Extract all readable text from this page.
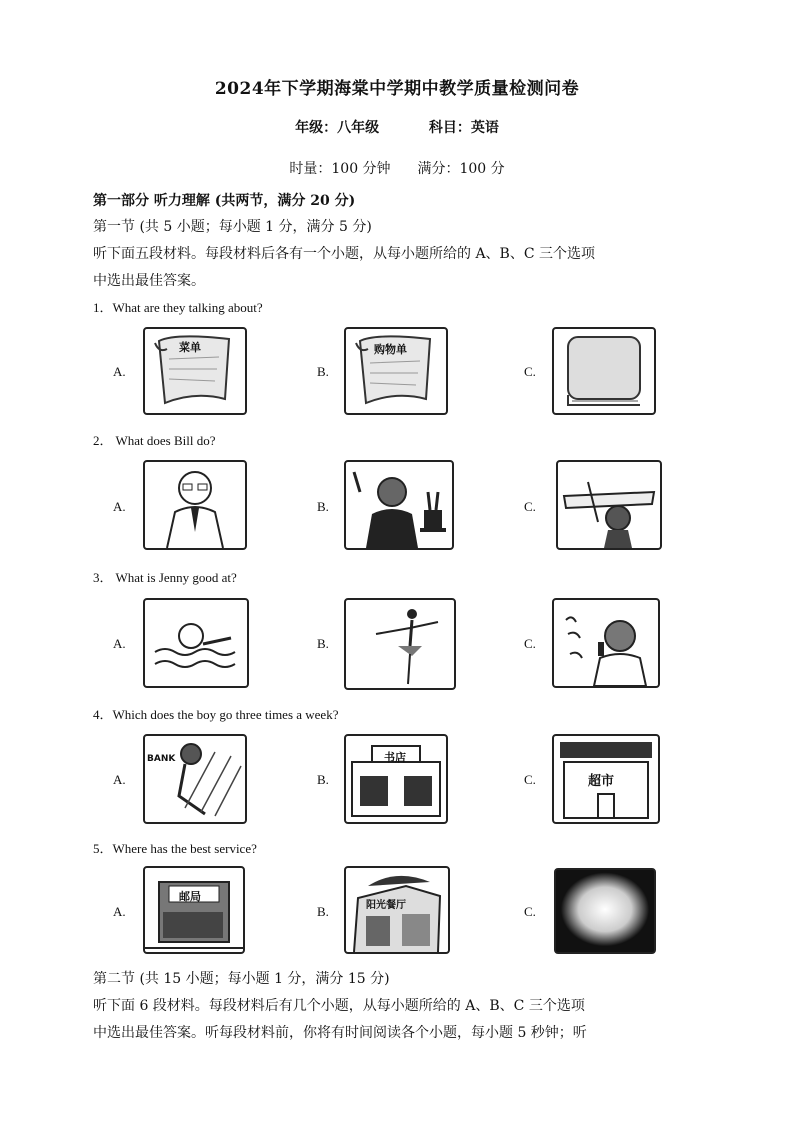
2024年下学期海棠中学期中教学质量检测问卷
年级：八年级	科目：英语
时量：100 分钟 满分：100 分
第一部分 听力理解 (共两节，满分 20 分)
第一节 (共 5 小题；每小题 1 分，满分 5 分)
听下面五段材料。每段材料后各有一个小题，从每小题所给的 A、B、C 三个选项
中选出最佳答案。
1．What are they talking about?
A.	B.	C.
菜单	购物单
2． What does Bill do?
A.	B.	C.
3． What is Jenny good at?
A.	B.	C.
4．Which does the boy go three times a week?
A.	B.	C.
BANK	书店
超市
5．Where has the best service?
A.	B.	C.
邮局
阳光餐厅
第二节 (共 15 小题；每小题 1 分，满分 15 分)
听下面 6 段材料。每段材料后有几个小题，从每小题所给的 A、B、C 三个选项
中选出最佳答案。听每段材料前，你将有时间阅读各个小题，每小题 5 秒钟；听
